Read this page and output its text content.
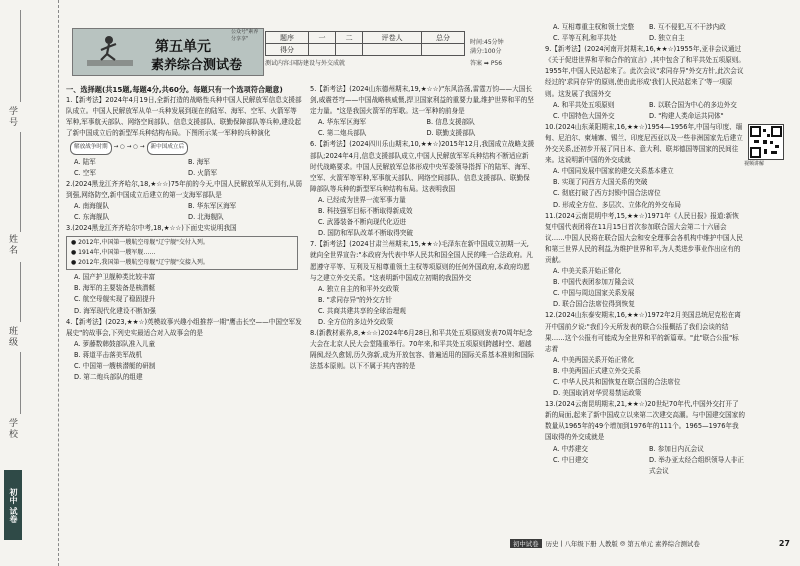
学号
姓名
班级
学校
初中 试卷
公众号"素养分享享"
第五单元
素养综合测试卷
题序	一	二	评卷人	总分
得分				
时间:45分钟
满分:100分
测试内容:国防建设与外交成就	答案 ➡ P56

一、选择题(共15题,每题4分,共60分。每题只有一个选项符合题意)

1.【新考法】2024年4月19日,全新打造的战略性兵种中国人民解放军信息支援部队成立。中国人民解放军从单一兵种发展到现在的陆军、海军、空军、火箭军等军种,军事航天部队、网络空间部队、信息支援部队、联勤保障部队等兵种,建设起了新中国成立后的新型军兵种结构布局。下图所示某一军种的兵种演化

解放战争时期	→ ○ → ○ →	新中国成立后
A. 陆军	B. 海军
C. 空军	D. 火箭军

2.(2024黑龙江齐齐哈尔,18,★☆☆)75年前的今天,中国人民解放军从无到有,从弱到强,网络防空,新中国成立后建立的第一支海军部队是

A. 南海舰队	B. 华东军区海军
C. 东海舰队	D. 北海舰队

3.(2024黑龙江齐齐哈尔中考,18,★☆☆)下面史实说明我国

● 2012年,中国第一艘航空母舰"辽宁舰"交付入列。
● 1914年,中国第一艘军舰……
● 2012年,我国第一艘航空母舰"辽宁舰"交接入列。

A. 国产护卫舰种类比较丰富

B. 海军的主要装备是核潜艇

C. 航空母舰实现了稳固提升

D. 海军现代化建设不断加强

4.【新考法】(2023,★★☆)英模故事兴趣小组推荐一期"鹰击长空——中国空军发展史"的故事会,下列史实最适合对入故事会的是

A. 萝藤数韩鼓部队准入儿童

B. 蒋道平击落美军战机

C. 中国第一艘核潜艇的研制

D. 第二炮兵部队的组建

5.【新考法】(2024山东德州期末,19,★☆☆)"东风浩荡,雷霆万钧——大国长剑,威震苍穹——中国战略核威慑,捍卫国家利益的重要力量,维护世界和平的坚定力量。"这是我国火箭军的军歌。这一军种的前身是

A. 华东军区海军	B. 信息支援部队
C. 第二炮兵部队	D. 联勤支援部队

6.【新考法】(2024四川乐山期末,10,★★☆)2015年12月,我国成立战略支援部队;2024年4月,信息支援部队成立,中国人民解放军军兵种结构不断适应新时代战略要求。中国人民解放军总体形成中央军委领导指挥下的陆军、海军、空军、火箭军等军种,军事航天部队、网络空间部队、信息支援部队、联勤保障部队等兵种的新型军兵种结构布局。这表明我国

A. 已经成为世界一流军事力量

B. 科技强军目标不断取得新成效

C. 武器装备不断向现代化迈进

D. 国防和军队改革不断取得突破

7.【新考法】(2024甘肃兰州期末,15,★★☆)毛泽东在新中国成立初期一天,就向全世界宣告:"本政府为代表中华人民共和国全国人民的唯一合法政府。凡愿遵守平等、互利及互相尊重领土主权等项原则的任何外国政府,本政府均愿与之建立外交关系。"这表明新中国成立初期的我国外交

A. 独立自主的和平外交政策

B. "求同存异"的外交方针

C. 共商共建共享的全球治理观

D. 全方位的多边外交政策

8.(新教材素养,8,★☆☆)2024年6月28日,和平共处五项原则发表70周年纪念大会在北京人民大会堂隆重举行。70年来,和平共处五项原则跨越时空、超越隔阂,经久愈韧,历久弥新,成为开放包容、普遍适用的国际关系基本准则和国际法基本原则。以下不属于其内容的是

A. 互相尊重主权和领土完整	B. 互不侵犯,互不干涉内政
C. 平等互利,和平共处	D. 独立自主

9.【新考法】(2024河南开封期末,16,★★☆)1955年,亚非会议通过《关于促进世界和平和合作的宣言》,其中包含了和平共处五项原则。1955年,中国人民站起来了。此次会议"求同存异"外交方针,此次会议经过的'求同存异'的原则,使由此形成'我们人民站起来了'等一项原则。这发展了我国外交

A. 和平共处五项原则	B. 以联合国为中心的多边外交
C. 中国特色大国外交	D. "构建人类命运共同体"

10.(2024山东莱阳期末,16,★★☆)1954—1956年,中国与印度、缅甸、尼泊尔、柬埔寨、锡兰、印度尼西亚以及一些非洲国家先后建立外交关系,还初步开展了同日本、意大利、联邦德国等国家的民间往来。这说明新中国的外交成就

A. 中国同发展中国家的建交关系基本建立

B. 实现了同西方大国关系的突破

C. 彻底打破了西方封锁中国合法席位

D. 形成全方位、多层次、立体化的外交布局

11.(2024云南昆明中考,15,★★☆)1971年《人民日报》报道:新恢复中国代表团将在11月15日首次参加联合国大会第二十六届会议……中国人民将在联合国大会和安全理事会各机构中维护中国人民和第三世界人民的利益,为维护世界和平,为人类进步事业作出应有的贡献。

A. 中美关系开始正常化

B. 中国代表团参加万隆会议

C. 中国与周边国家关系发展

D. 联合国合法席位得到恢复

12.(2024山东泰安期末,16,★★☆)1972年2月美国总统尼克松在离开中国前夕说:"我们今天所发表的联合公报概括了我们会谈的结果……这个公报有可能成为全世界和平的新篇章。"此"联合公报"标志着

A. 中美两国关系开始正常化

B. 中美两国正式建立外交关系

C. 中华人民共和国恢复在联合国的合法席位

D. 美国取消对华贸易禁运政策

13.(2024云南昆明期末,21,★★☆)20世纪70年代,中国外交打开了新的局面,起来了新中国成立以来第二次建交高潮。与中国建交国家的数量从1965年的49个增加到1976年的111个。1965—1976年我国取得的外交成就是

A. 中苏建交	B. 参加日内瓦会议
C. 中日建交	D. 举办亚太经合组织领导人非正式会议
视频讲解
初中试卷	历史 | 八年级下册
人教版 ◎ 第五单元
素养综合测试卷	27
